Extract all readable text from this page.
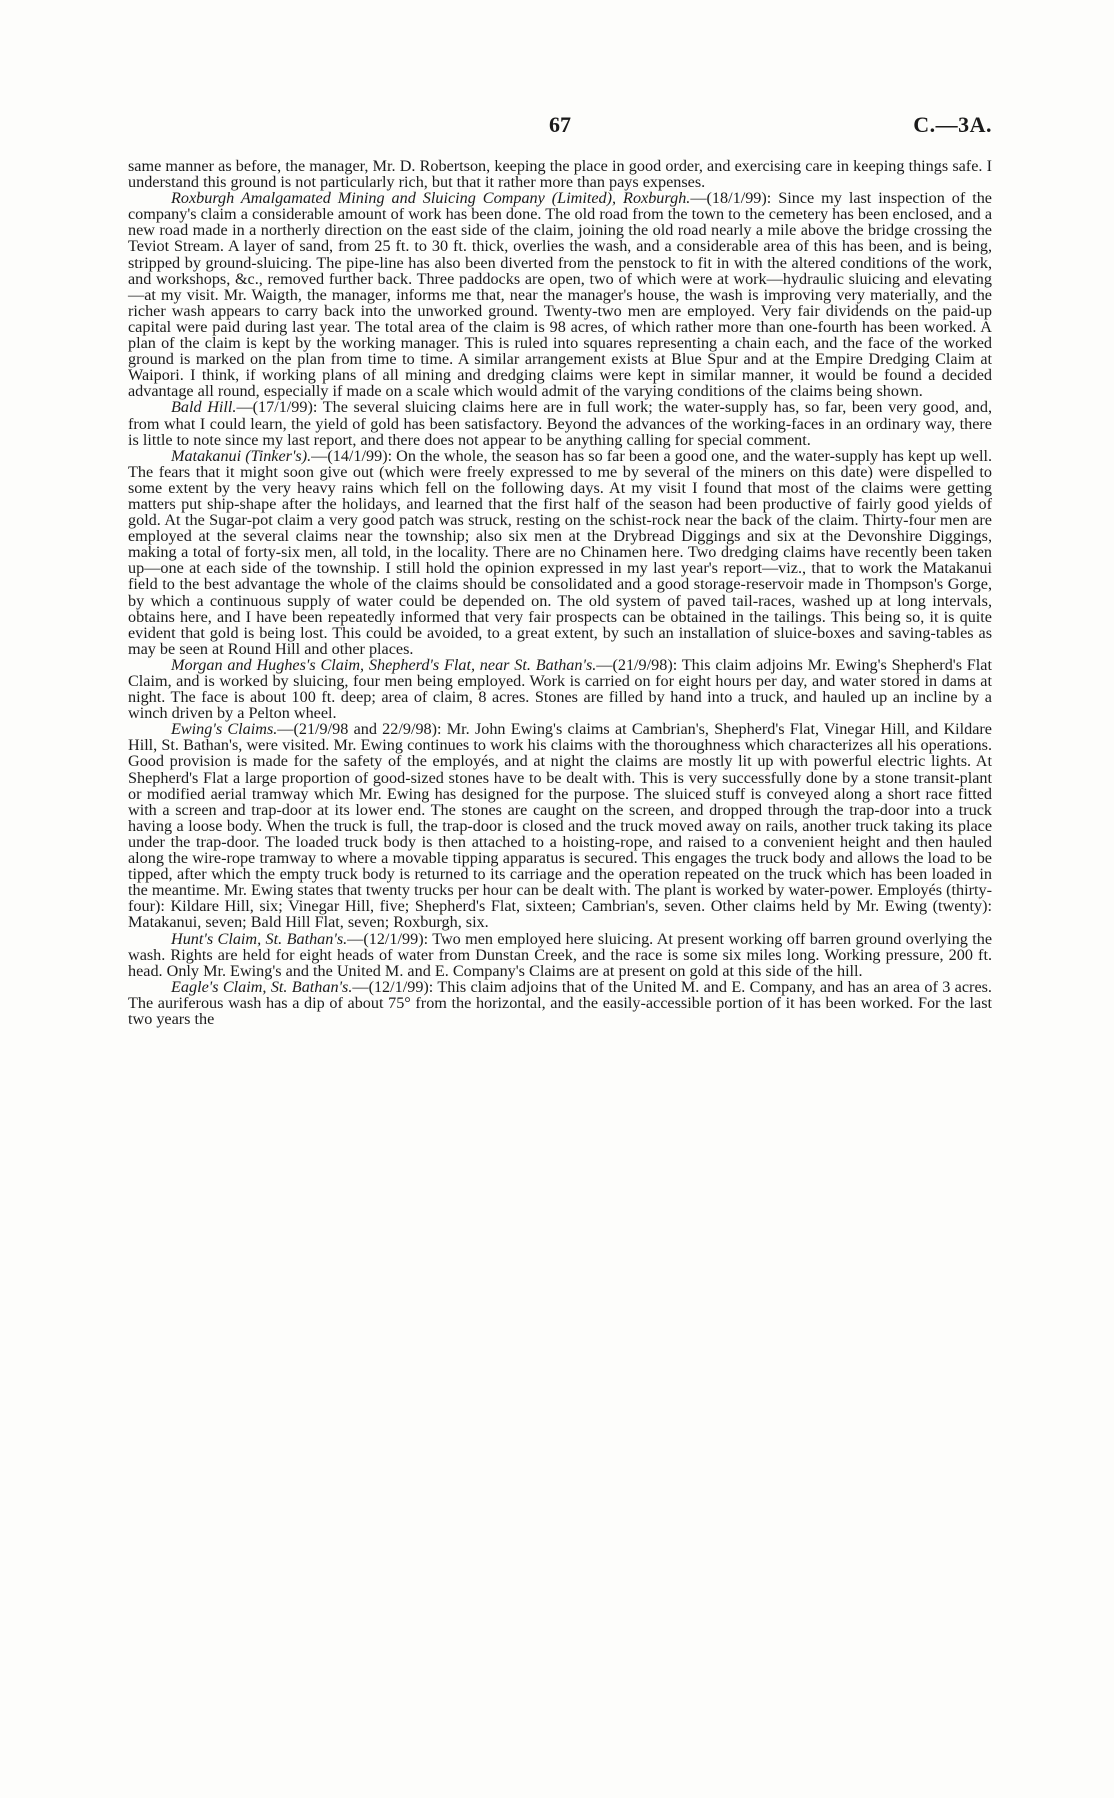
67	C.—3A.

same manner as before, the manager, Mr. D. Robertson, keeping the place in good order, and exercising care in keeping things safe. I understand this ground is not particularly rich, but that it rather more than pays expenses.

Roxburgh Amalgamated Mining and Sluicing Company (Limited), Roxburgh.—(18/1/99): Since my last inspection of the company's claim a considerable amount of work has been done. The old road from the town to the cemetery has been enclosed, and a new road made in a northerly direction on the east side of the claim, joining the old road nearly a mile above the bridge crossing the Teviot Stream. A layer of sand, from 25 ft. to 30 ft. thick, overlies the wash, and a considerable area of this has been, and is being, stripped by ground-sluicing. The pipe-line has also been diverted from the penstock to fit in with the altered conditions of the work, and workshops, &c., removed further back. Three paddocks are open, two of which were at work—hydraulic sluicing and elevating—at my visit. Mr. Waigth, the manager, informs me that, near the manager's house, the wash is improving very materially, and the richer wash appears to carry back into the unworked ground. Twenty-two men are employed. Very fair dividends on the paid-up capital were paid during last year. The total area of the claim is 98 acres, of which rather more than one-fourth has been worked. A plan of the claim is kept by the working manager. This is ruled into squares representing a chain each, and the face of the worked ground is marked on the plan from time to time. A similar arrangement exists at Blue Spur and at the Empire Dredging Claim at Waipori. I think, if working plans of all mining and dredging claims were kept in similar manner, it would be found a decided advantage all round, especially if made on a scale which would admit of the varying conditions of the claims being shown.

Bald Hill.—(17/1/99): The several sluicing claims here are in full work; the water-supply has, so far, been very good, and, from what I could learn, the yield of gold has been satisfactory. Beyond the advances of the working-faces in an ordinary way, there is little to note since my last report, and there does not appear to be anything calling for special comment.

Matakanui (Tinker's).—(14/1/99): On the whole, the season has so far been a good one, and the water-supply has kept up well. The fears that it might soon give out (which were freely expressed to me by several of the miners on this date) were dispelled to some extent by the very heavy rains which fell on the following days. At my visit I found that most of the claims were getting matters put ship-shape after the holidays, and learned that the first half of the season had been productive of fairly good yields of gold. At the Sugar-pot claim a very good patch was struck, resting on the schist-rock near the back of the claim. Thirty-four men are employed at the several claims near the township; also six men at the Drybread Diggings and six at the Devonshire Diggings, making a total of forty-six men, all told, in the locality. There are no Chinamen here. Two dredging claims have recently been taken up—one at each side of the township. I still hold the opinion expressed in my last year's report—viz., that to work the Matakanui field to the best advantage the whole of the claims should be consolidated and a good storage-reservoir made in Thompson's Gorge, by which a continuous supply of water could be depended on. The old system of paved tail-races, washed up at long intervals, obtains here, and I have been repeatedly informed that very fair prospects can be obtained in the tailings. This being so, it is quite evident that gold is being lost. This could be avoided, to a great extent, by such an installation of sluice-boxes and saving-tables as may be seen at Round Hill and other places.

Morgan and Hughes's Claim, Shepherd's Flat, near St. Bathan's.—(21/9/98): This claim adjoins Mr. Ewing's Shepherd's Flat Claim, and is worked by sluicing, four men being employed. Work is carried on for eight hours per day, and water stored in dams at night. The face is about 100 ft. deep; area of claim, 8 acres. Stones are filled by hand into a truck, and hauled up an incline by a winch driven by a Pelton wheel.

Ewing's Claims.—(21/9/98 and 22/9/98): Mr. John Ewing's claims at Cambrian's, Shepherd's Flat, Vinegar Hill, and Kildare Hill, St. Bathan's, were visited. Mr. Ewing continues to work his claims with the thoroughness which characterizes all his operations. Good provision is made for the safety of the employés, and at night the claims are mostly lit up with powerful electric lights. At Shepherd's Flat a large proportion of good-sized stones have to be dealt with. This is very successfully done by a stone transit-plant or modified aerial tramway which Mr. Ewing has designed for the purpose. The sluiced stuff is conveyed along a short race fitted with a screen and trap-door at its lower end. The stones are caught on the screen, and dropped through the trap-door into a truck having a loose body. When the truck is full, the trap-door is closed and the truck moved away on rails, another truck taking its place under the trap-door. The loaded truck body is then attached to a hoisting-rope, and raised to a convenient height and then hauled along the wire-rope tramway to where a movable tipping apparatus is secured. This engages the truck body and allows the load to be tipped, after which the empty truck body is returned to its carriage and the operation repeated on the truck which has been loaded in the meantime. Mr. Ewing states that twenty trucks per hour can be dealt with. The plant is worked by water-power. Employés (thirty-four): Kildare Hill, six; Vinegar Hill, five; Shepherd's Flat, sixteen; Cambrian's, seven. Other claims held by Mr. Ewing (twenty): Matakanui, seven; Bald Hill Flat, seven; Roxburgh, six.

Hunt's Claim, St. Bathan's.—(12/1/99): Two men employed here sluicing. At present working off barren ground overlying the wash. Rights are held for eight heads of water from Dunstan Creek, and the race is some six miles long. Working pressure, 200 ft. head. Only Mr. Ewing's and the United M. and E. Company's Claims are at present on gold at this side of the hill.

Eagle's Claim, St. Bathan's.—(12/1/99): This claim adjoins that of the United M. and E. Company, and has an area of 3 acres. The auriferous wash has a dip of about 75° from the horizontal, and the easily-accessible portion of it has been worked. For the last two years the
